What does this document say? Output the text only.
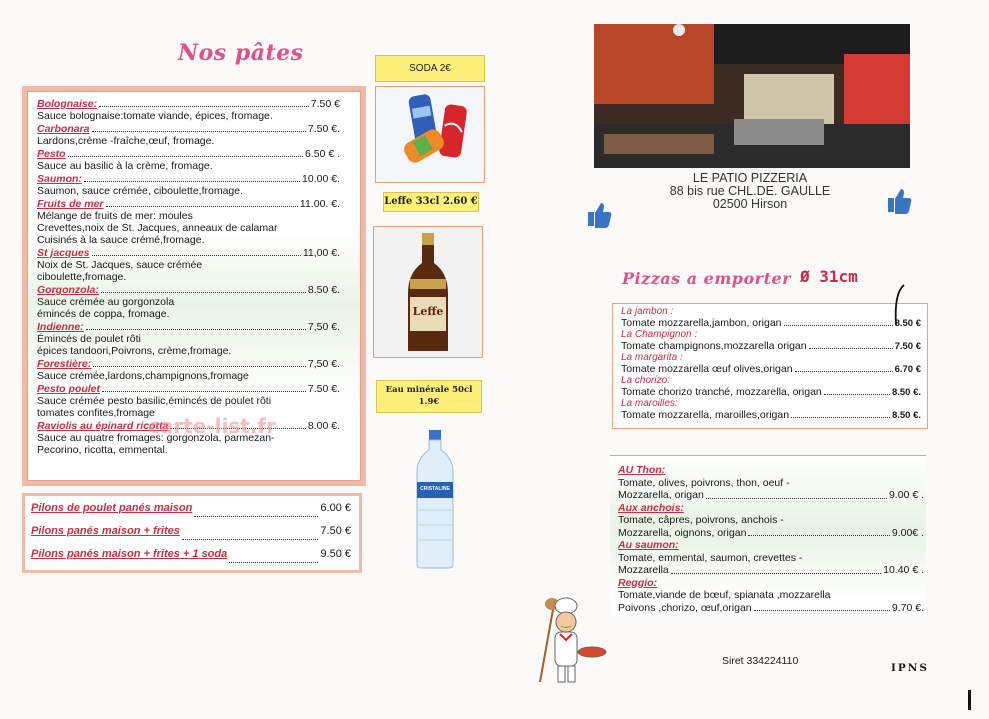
Nos pâtes
Bolognaise:	7.50 €
Sauce bolognaise:tomate viande, épices, fromage.
Carbonara	7.50 €.
Lardons,crème -fraîche,œuf, fromage.
Pesto	6.50 € .
Sauce au basilic à la crème, fromage.
Saumon:	10.00 €.
Saumon, sauce crémée, ciboulette,fromage.
Fruits de mer	11.00. €.
Mélange de fruits de mer: moules
Crevettes,noix de St. Jacques, anneaux de calamar
Cuisinés à la sauce crémé,fromage.
St jacques	11,00 €.
Noix de St. Jacques, sauce crémée
ciboulette,fromage.
Gorgonzola:	8.50 €.
Sauce crémée au gorgonzola
émincés de coppa, fromage.
Indienne:	7,50 €.
Émincés de poulet rôti
épices tandoori,Poivrons, crème,fromage.
Forestière:	7,50 €.
Sauce crémée,lardons,champignons,fromage
Pesto poulet	7.50 €.
Sauce crémée pesto basilic,émincés de poulet rôti
tomates confites,fromage
Raviolis au épinard ricotta	8.00 €.
Sauce au quatre fromages: gorgonzola, parmezan-
Pecorino, ricotta, emmental.
carte-list.fr
Pilons de poulet panés maison	6.00 €
Pilons panés maison + frites	7.50 €
Pilons panés maison + frites + 1 soda	9.50 €
SODA 2€
Leffe 33cl 2.60 €
Leffe
Eau minérale 50cl
1.9€
CRISTALINE
LE PATIO PIZZERIA
88 bis rue CHL.DE. GAULLE
02500 Hirson
Pizzas a emporter Ø 31cm
La jambon :
Tomate mozzarella,jambon, origan	8.50 €
La Champignon :
Tomate champignons,mozzarella origan	7.50 €
La margarita :
Tomate mozzarella œuf olives,origan	6.70 €
La chorizo:
Tomate chorizo tranché, mozzarella, origan	8.50 €.
La maroilles:
Tomate mozzarella, maroilles,origan	8.50 €.
AU Thon:
Tomate, olives, poivrons, thon, oeuf -
Mozzarella, origan	9.00 € .
Aux anchois:
Tomate, câpres, poivrons, anchois -
Mozzarella, oignons, origan	9.00€ .
Au saumon:
Tomate, emmental, saumon, crevettes -
Mozzarella	10.40 € .
Reggio:
Tomate,viande de bœuf, spianata ,mozzarella
Poivons ,chorizo, œuf,origan	9.70 €.
Siret 334224110
IPNS
